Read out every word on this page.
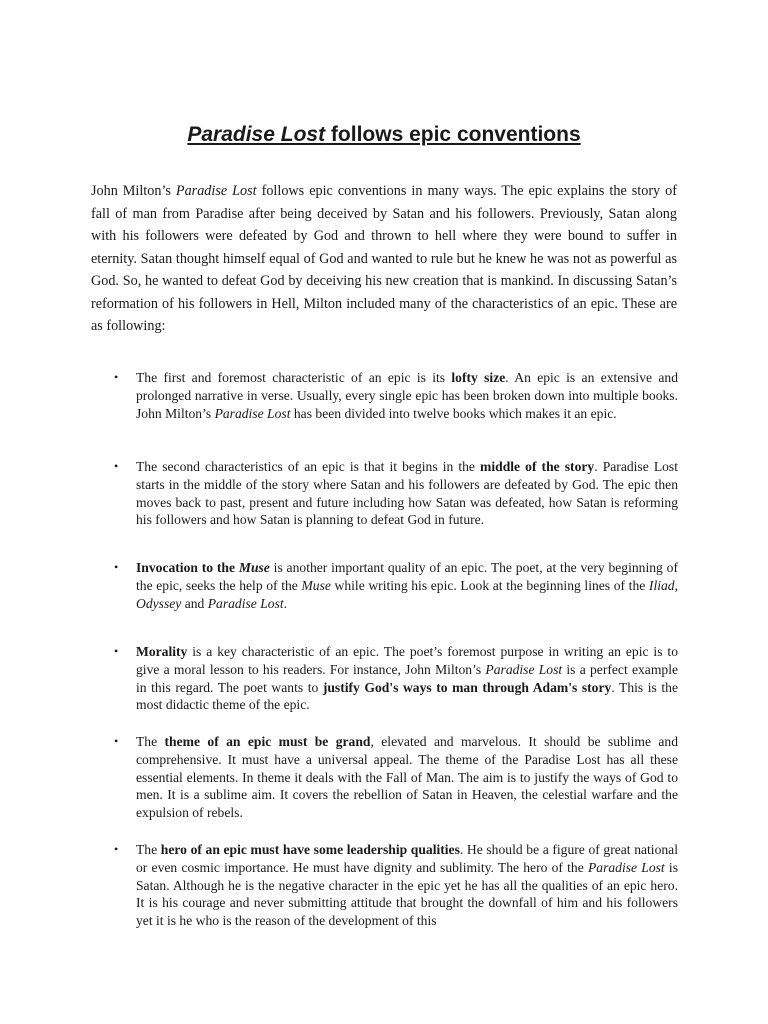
Paradise Lost follows epic conventions

John Milton’s Paradise Lost follows epic conventions in many ways. The epic explains the story of fall of man from Paradise after being deceived by Satan and his followers. Previously, Satan along with his followers were defeated by God and thrown to hell where they were bound to suffer in eternity. Satan thought himself equal of God and wanted to rule but he knew he was not as powerful as God. So, he wanted to defeat God by deceiving his new creation that is mankind. In discussing Satan’s reformation of his followers in Hell, Milton included many of the characteristics of an epic. These are as following:

• The first and foremost characteristic of an epic is its lofty size. An epic is an extensive and prolonged narrative in verse. Usually, every single epic has been broken down into multiple books. John Milton’s Paradise Lost has been divided into twelve books which makes it an epic.
• The second characteristics of an epic is that it begins in the middle of the story. Paradise Lost starts in the middle of the story where Satan and his followers are defeated by God. The epic then moves back to past, present and future including how Satan was defeated, how Satan is reforming his followers and how Satan is planning to defeat God in future.
• Invocation to the Muse is another important quality of an epic. The poet, at the very beginning of the epic, seeks the help of the Muse while writing his epic. Look at the beginning lines of the Iliad, Odyssey and Paradise Lost.
• Morality is a key characteristic of an epic. The poet’s foremost purpose in writing an epic is to give a moral lesson to his readers. For instance, John Milton’s Paradise Lost is a perfect example in this regard. The poet wants to justify God's ways to man through Adam's story. This is the most didactic theme of the epic.
• The theme of an epic must be grand, elevated and marvelous. It should be sublime and comprehensive. It must have a universal appeal. The theme of the Paradise Lost has all these essential elements. In theme it deals with the Fall of Man. The aim is to justify the ways of God to men. It is a sublime aim. It covers the rebellion of Satan in Heaven, the celestial warfare and the expulsion of rebels.
• The hero of an epic must have some leadership qualities. He should be a figure of great national or even cosmic importance. He must have dignity and sublimity. The hero of the Paradise Lost is Satan. Although he is the negative character in the epic yet he has all the qualities of an epic hero. It is his courage and never submitting attitude that brought the downfall of him and his followers yet it is he who is the reason of the development of this
